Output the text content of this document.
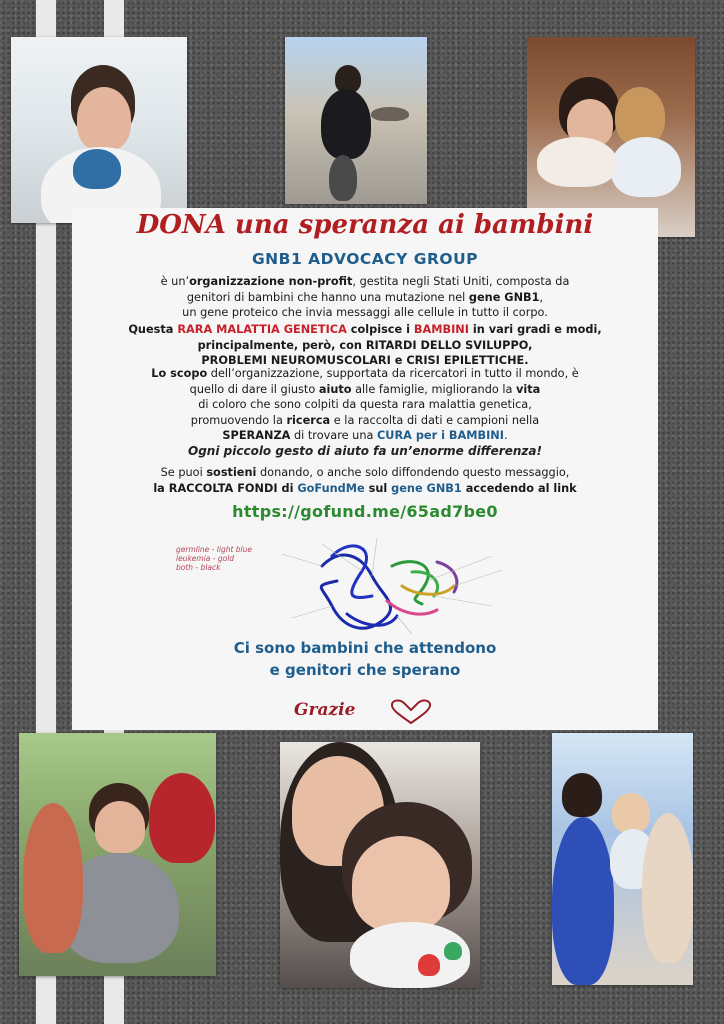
DONA una speranza ai bambini
GNB1 ADVOCACY GROUP
è un’organizzazione non-profit, gestita negli Stati Uniti, composta da
genitori di bambini che hanno una mutazione nel gene GNB1,
un gene proteico che invia messaggi alle cellule in tutto il corpo.
Questa RARA MALATTIA GENETICA colpisce i BAMBINI in vari gradi e modi,
principalmente, però, con RITARDI DELLO SVILUPPO,
PROBLEMI NEUROMUSCOLARI e CRISI EPILETTICHE.
Lo scopo dell’organizzazione, supportata da ricercatori in tutto il mondo, è
quello di dare il giusto aiuto alle famiglie, migliorando la vita
di coloro che sono colpiti da questa rara malattia genetica,
promuovendo la ricerca e la raccolta di dati e campioni nella
SPERANZA di trovare una CURA per i BAMBINI.
Ogni piccolo gesto di aiuto fa un’enorme differenza!
Se puoi sostieni donando, o anche solo diffondendo questo messaggio,
la RACCOLTA FONDI di GoFundMe sul gene GNB1 accedendo al link
https://gofund.me/65ad7be0
germline - light blue
leukemia - gold
both - black
Ci sono bambini che attendono
e genitori che sperano
Grazie
